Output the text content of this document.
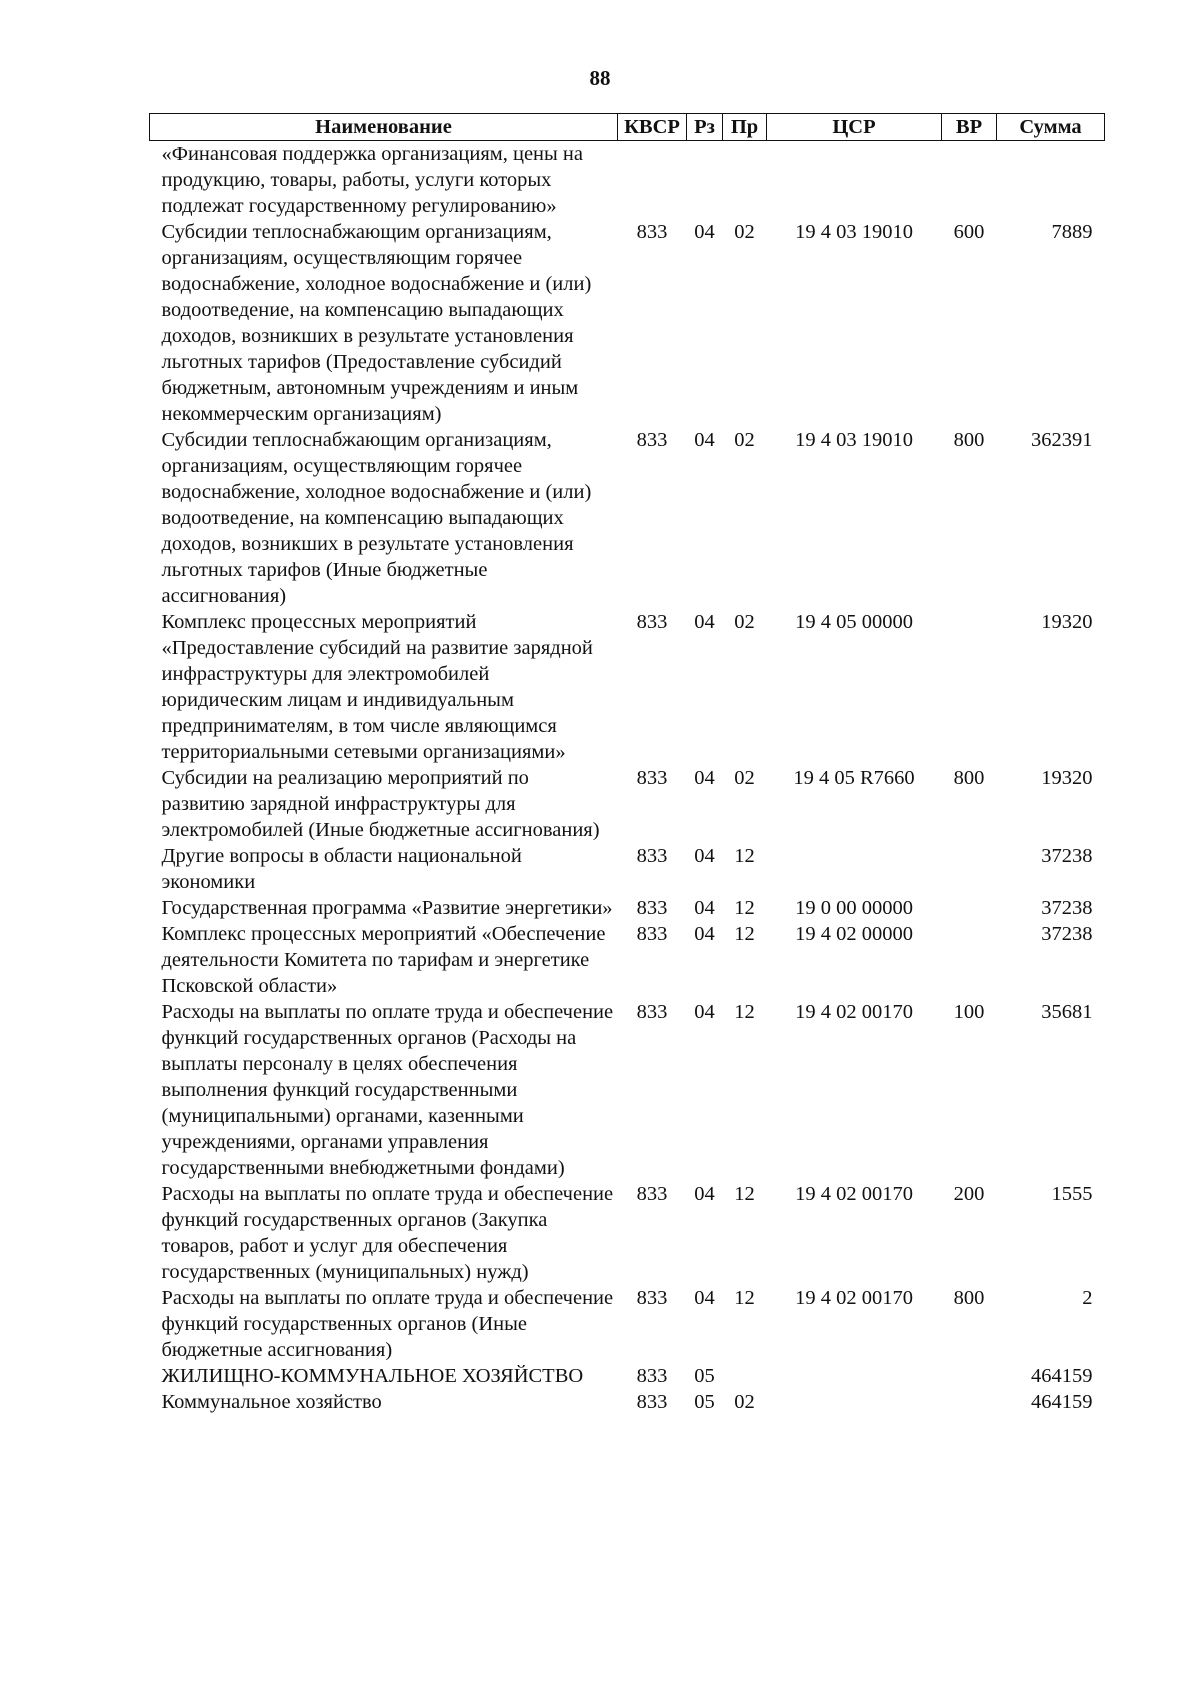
88
Наименование	КВСР	Рз	Пр	ЦСР	ВР	Сумма
«Финансовая поддержка организациям, цены на продукцию, товары, работы, услуги которых подлежат государственному регулированию»						
Субсидии теплоснабжающим организациям, организациям, осуществляющим горячее водоснабжение, холодное водоснабжение и (или) водоотведение, на компенсацию выпадающих доходов, возникших в результате установления льготных тарифов (Предоставление субсидий бюджетным, автономным учреждениям и иным некоммерческим организациям)	833	04	02	19 4 03 19010	600	7889
Субсидии теплоснабжающим организациям, организациям, осуществляющим горячее водоснабжение, холодное водоснабжение и (или) водоотведение, на компенсацию выпадающих доходов, возникших в результате установления льготных тарифов (Иные бюджетные ассигнования)	833	04	02	19 4 03 19010	800	362391
Комплекс процессных мероприятий «Предоставление субсидий на развитие зарядной инфраструктуры для электромобилей юридическим лицам и индивидуальным предпринимателям, в том числе являющимся территориальными сетевыми организациями»	833	04	02	19 4 05 00000		19320
Субсидии на реализацию мероприятий по развитию зарядной инфраструктуры для электромобилей (Иные бюджетные ассигнования)	833	04	02	19 4 05 R7660	800	19320
Другие вопросы в области национальной экономики	833	04	12			37238
Государственная программа «Развитие энергетики»	833	04	12	19 0 00 00000		37238
Комплекс процессных мероприятий «Обеспечение деятельности Комитета по тарифам и энергетике Псковской области»	833	04	12	19 4 02 00000		37238
Расходы на выплаты по оплате труда и обеспечение функций государственных органов (Расходы на выплаты персоналу в целях обеспечения выполнения функций государственными (муниципальными) органами, казенными учреждениями, органами управления государственными внебюджетными фондами)	833	04	12	19 4 02 00170	100	35681
Расходы на выплаты по оплате труда и обеспечение функций государственных органов (Закупка товаров, работ и услуг для обеспечения государственных (муниципальных) нужд)	833	04	12	19 4 02 00170	200	1555
Расходы на выплаты по оплате труда и обеспечение функций государственных органов (Иные бюджетные ассигнования)	833	04	12	19 4 02 00170	800	2
ЖИЛИЩНО-КОММУНАЛЬНОЕ ХОЗЯЙСТВО	833	05				464159
Коммунальное хозяйство	833	05	02			464159
